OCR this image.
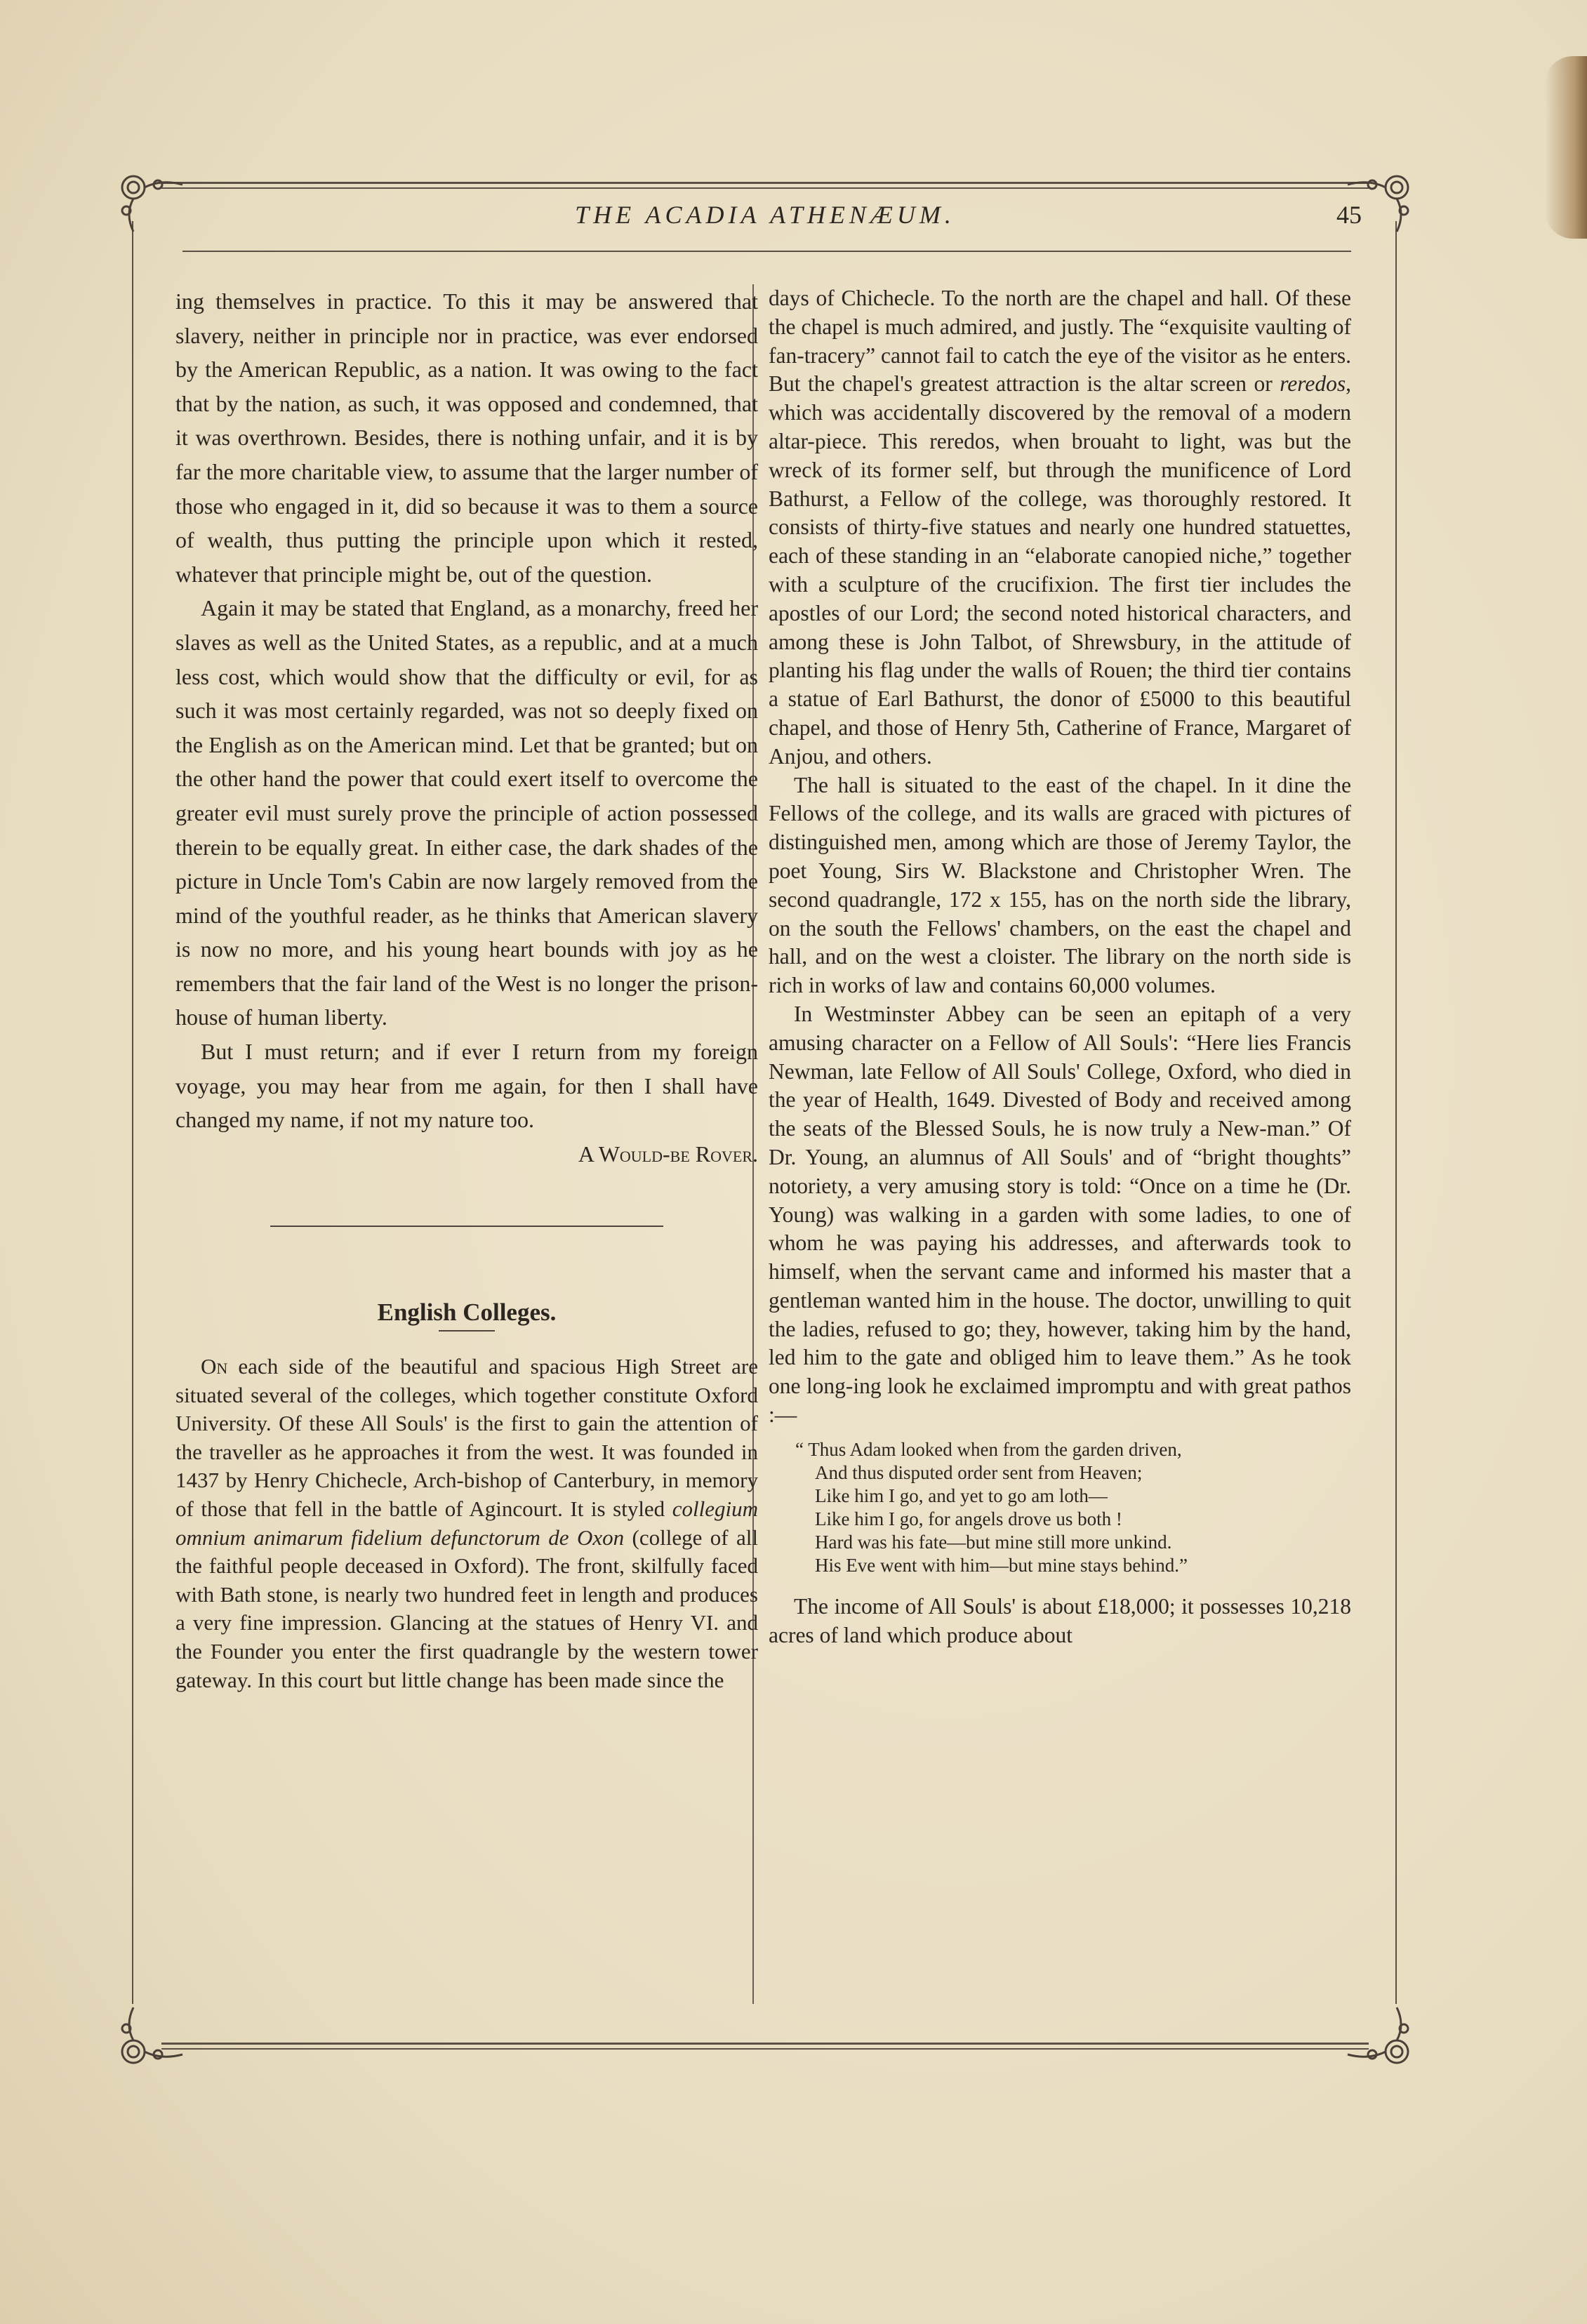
THE ACADIA ATHENÆUM.	45

ing themselves in practice. To this it may be answered that slavery, neither in principle nor in practice, was ever endorsed by the American Republic, as a nation. It was owing to the fact that by the nation, as such, it was opposed and condemned, that it was overthrown. Besides, there is nothing unfair, and it is by far the more charitable view, to assume that the larger number of those who engaged in it, did so because it was to them a source of wealth, thus putting the principle upon which it rested, whatever that principle might be, out of the question.

Again it may be stated that England, as a monarchy, freed her slaves as well as the United States, as a republic, and at a much less cost, which would show that the difficulty or evil, for as such it was most certainly regarded, was not so deeply fixed on the English as on the American mind. Let that be granted; but on the other hand the power that could exert itself to overcome the greater evil must surely prove the principle of action possessed therein to be equally great. In either case, the dark shades of the picture in Uncle Tom's Cabin are now largely removed from the mind of the youthful reader, as he thinks that American slavery is now no more, and his young heart bounds with joy as he remembers that the fair land of the West is no longer the prison-house of human liberty.

But I must return; and if ever I return from my foreign voyage, you may hear from me again, for then I shall have changed my name, if not my nature too.

A Would-be Rover.

English Colleges.

On each side of the beautiful and spacious High Street are situated several of the colleges, which together constitute Oxford University. Of these All Souls' is the first to gain the attention of the traveller as he approaches it from the west. It was founded in 1437 by Henry Chichecle, Arch-bishop of Canterbury, in memory of those that fell in the battle of Agincourt. It is styled collegium omnium animarum fidelium defunctorum de Oxon (college of all the faithful people deceased in Oxford). The front, skilfully faced with Bath stone, is nearly two hundred feet in length and produces a very fine impression. Glancing at the statues of Henry VI. and the Founder you enter the first quadrangle by the western tower gateway. In this court but little change has been made since the

days of Chichecle. To the north are the chapel and hall. Of these the chapel is much admired, and justly. The “exquisite vaulting of fan-tracery” cannot fail to catch the eye of the visitor as he enters. But the chapel's greatest attraction is the altar screen or reredos, which was accidentally discovered by the removal of a modern altar-piece. This reredos, when brouaht to light, was but the wreck of its former self, but through the munificence of Lord Bathurst, a Fellow of the college, was thoroughly restored. It consists of thirty-five statues and nearly one hundred statuettes, each of these standing in an “elaborate canopied niche,” together with a sculpture of the crucifixion. The first tier includes the apostles of our Lord; the second noted historical characters, and among these is John Talbot, of Shrewsbury, in the attitude of planting his flag under the walls of Rouen; the third tier contains a statue of Earl Bathurst, the donor of £5000 to this beautiful chapel, and those of Henry 5th, Catherine of France, Margaret of Anjou, and others.

The hall is situated to the east of the chapel. In it dine the Fellows of the college, and its walls are graced with pictures of distinguished men, among which are those of Jeremy Taylor, the poet Young, Sirs W. Blackstone and Christopher Wren. The second quadrangle, 172 x 155, has on the north side the library, on the south the Fellows' chambers, on the east the chapel and hall, and on the west a cloister. The library on the north side is rich in works of law and contains 60,000 volumes.

In Westminster Abbey can be seen an epitaph of a very amusing character on a Fellow of All Souls': “Here lies Francis Newman, late Fellow of All Souls' College, Oxford, who died in the year of Health, 1649. Divested of Body and received among the seats of the Blessed Souls, he is now truly a New-man.” Of Dr. Young, an alumnus of All Souls' and of “bright thoughts” notoriety, a very amusing story is told: “Once on a time he (Dr. Young) was walking in a garden with some ladies, to one of whom he was paying his addresses, and afterwards took to himself, when the servant came and informed his master that a gentleman wanted him in the house. The doctor, unwilling to quit the ladies, refused to go; they, however, taking him by the hand, led him to the gate and obliged him to leave them.” As he took one long-ing look he exclaimed impromptu and with great pathos :—

“ Thus Adam looked when from the garden driven,
And thus disputed order sent from Heaven;
Like him I go, and yet to go am loth—
Like him I go, for angels drove us both !
Hard was his fate—but mine still more unkind.
His Eve went with him—but mine stays behind.”

The income of All Souls' is about £18,000; it possesses 10,218 acres of land which produce about
